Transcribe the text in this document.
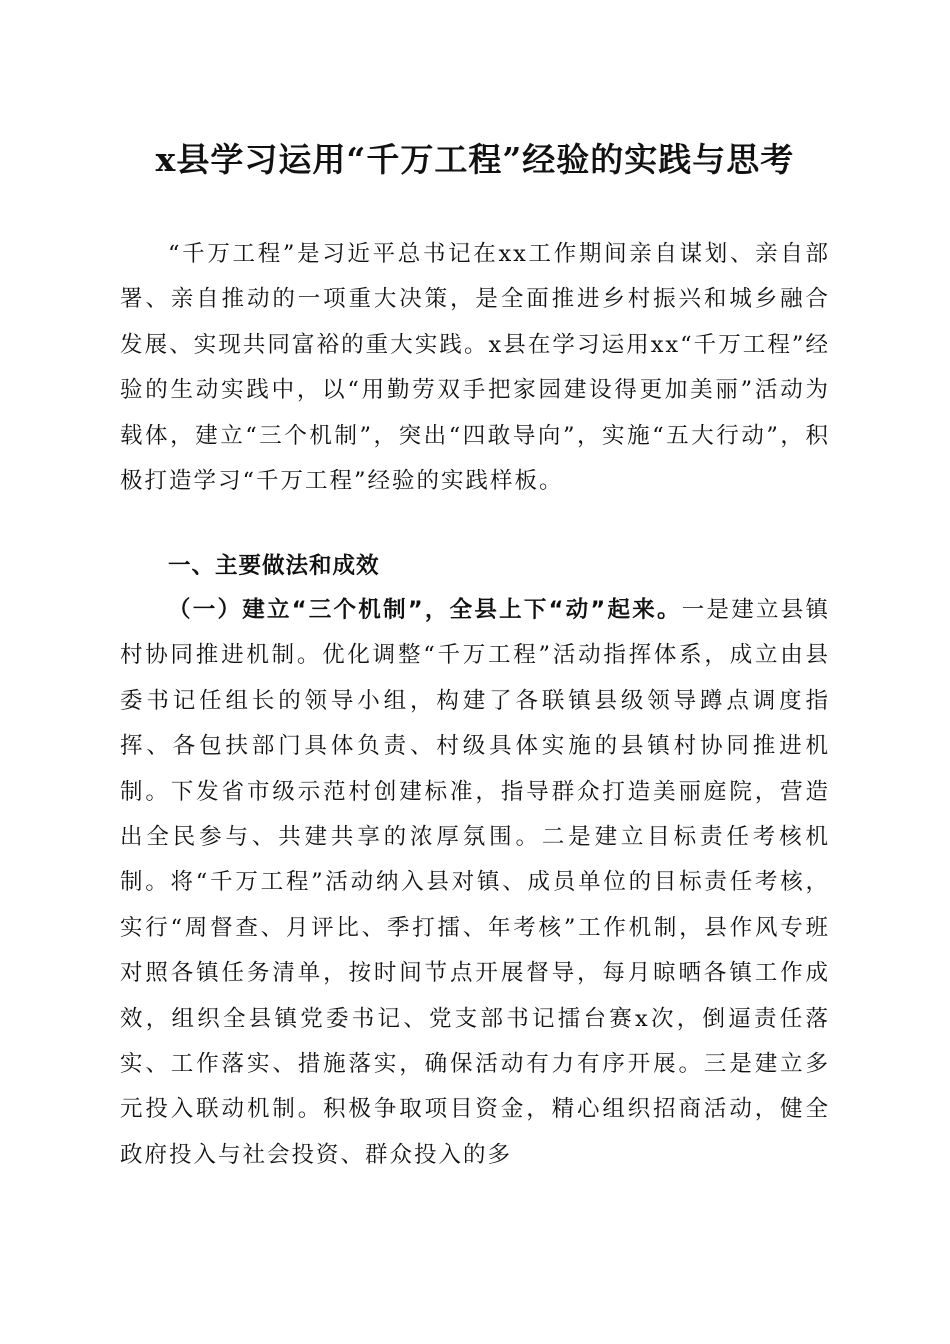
x县学习运用“千万工程”经验的实践与思考

“千万工程”是习近平总书记在xx工作期间亲自谋划、亲自部署、亲自推动的一项重大决策，是全面推进乡村振兴和城乡融合发展、实现共同富裕的重大实践。x县在学习运用xx“千万工程”经验的生动实践中，以“用勤劳双手把家园建设得更加美丽”活动为载体，建立“三个机制”，突出“四敢导向”，实施“五大行动”，积极打造学习“千万工程”经验的实践样板。

一、主要做法和成效

（一）建立“三个机制”，全县上下“动”起来。一是建立县镇村协同推进机制。优化调整“千万工程”活动指挥体系，成立由县委书记任组长的领导小组，构建了各联镇县级领导蹲点调度指挥、各包扶部门具体负责、村级具体实施的县镇村协同推进机制。下发省市级示范村创建标准，指导群众打造美丽庭院，营造出全民参与、共建共享的浓厚氛围。二是建立目标责任考核机制。将“千万工程”活动纳入县对镇、成员单位的目标责任考核，实行“周督查、月评比、季打擂、年考核”工作机制，县作风专班对照各镇任务清单，按时间节点开展督导，每月晾晒各镇工作成效，组织全县镇党委书记、党支部书记擂台赛x次，倒逼责任落实、工作落实、措施落实，确保活动有力有序开展。三是建立多元投入联动机制。积极争取项目资金，精心组织招商活动，健全政府投入与社会投资、群众投入的多
